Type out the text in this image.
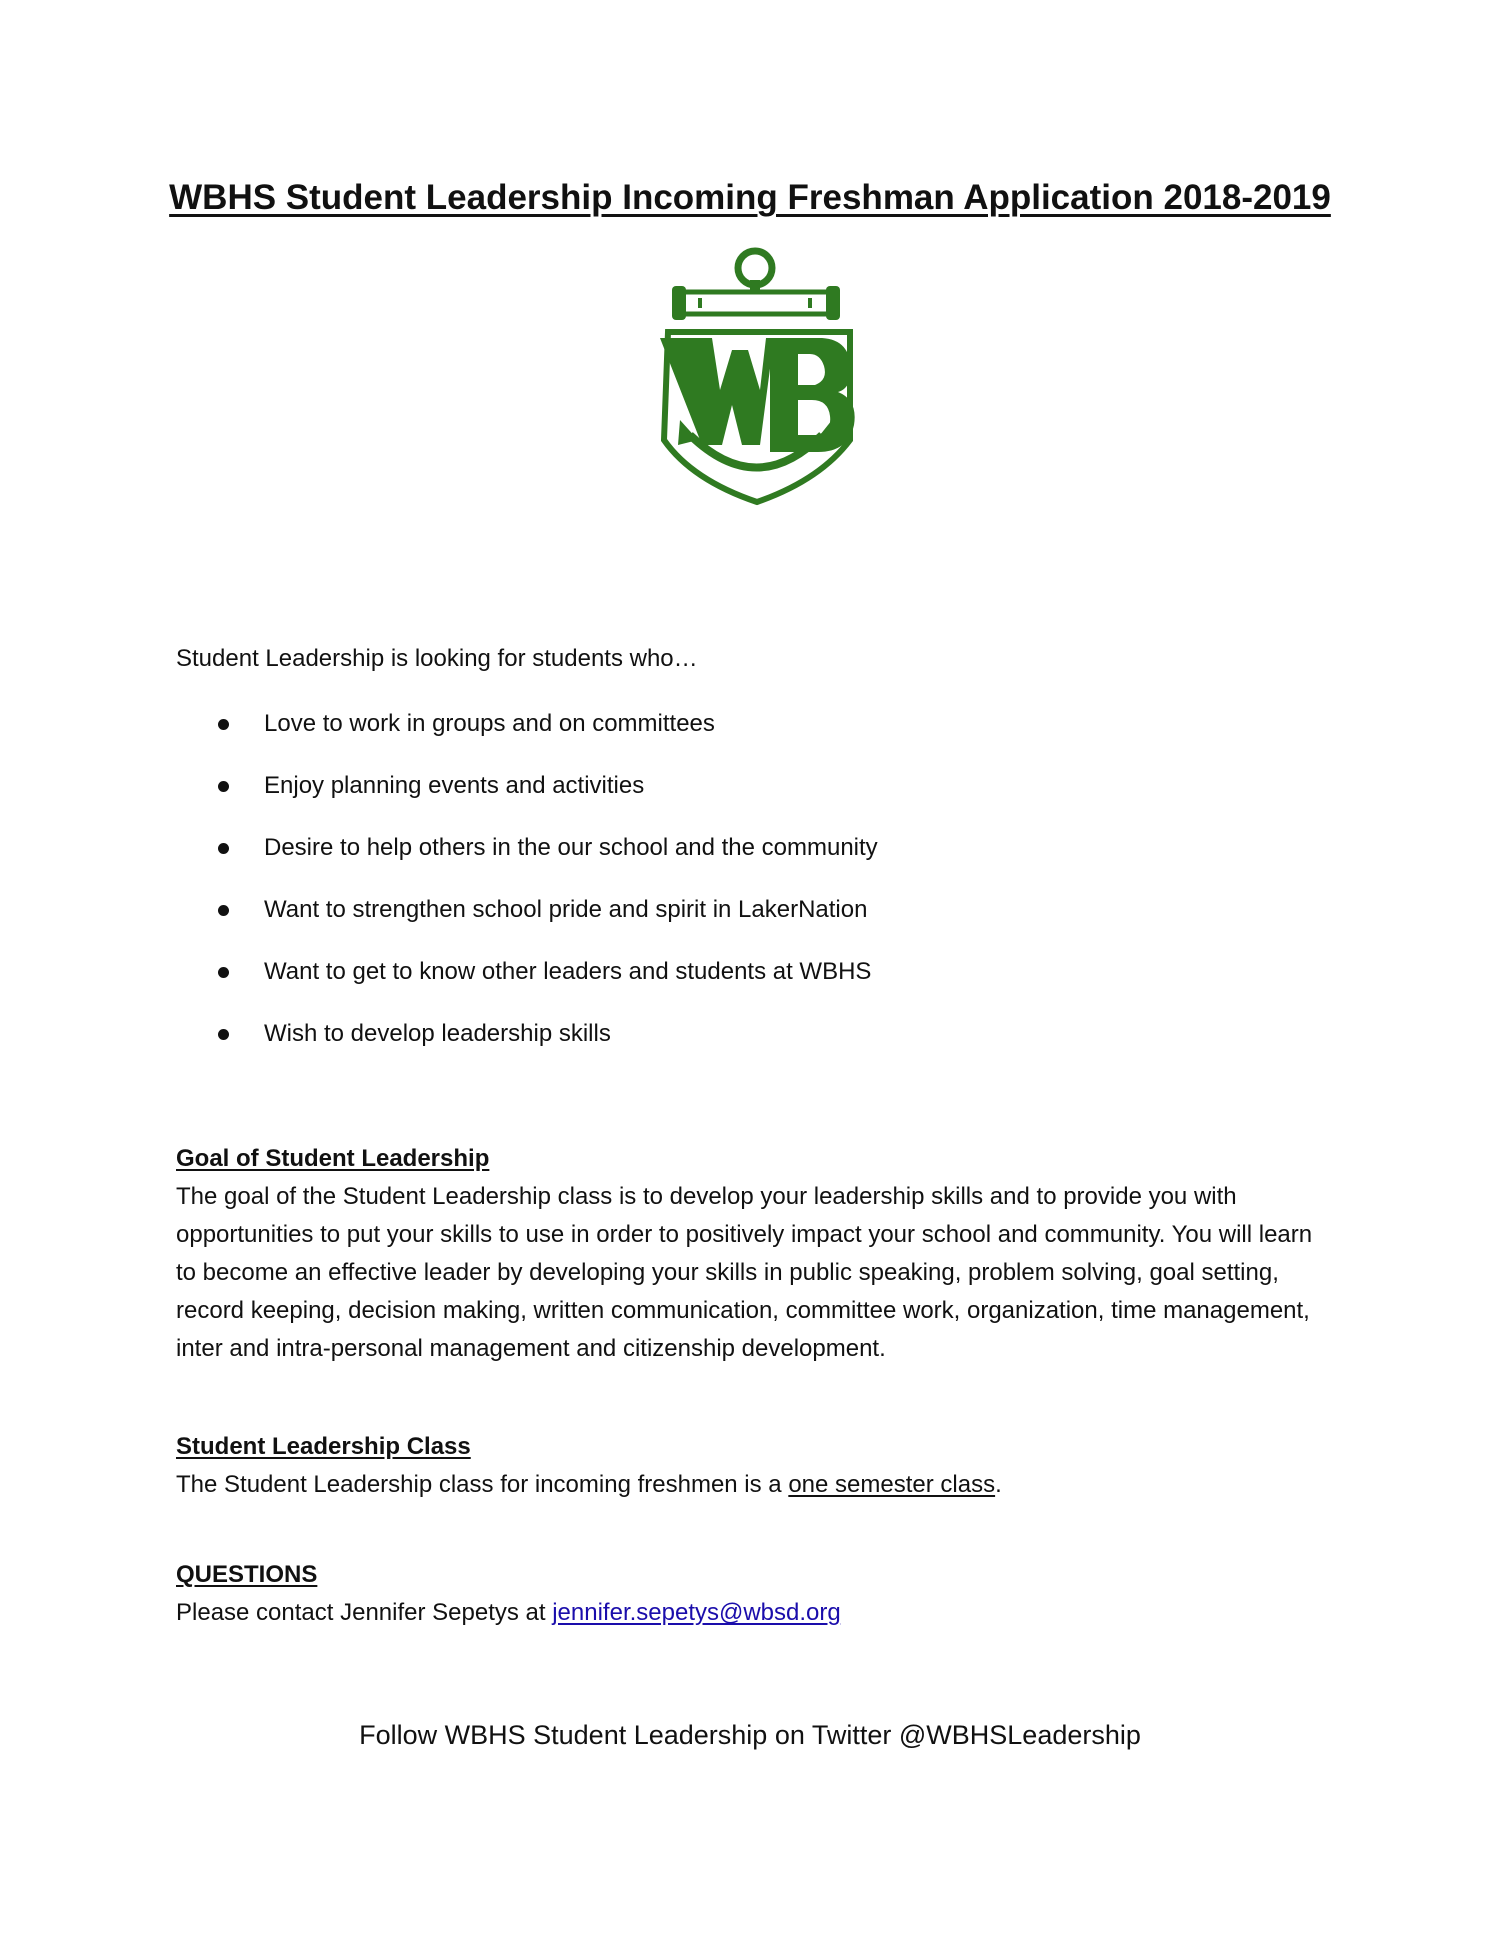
WBHS Student Leadership Incoming Freshman Application 2018-2019
Student Leadership is looking for students who…
Love to work in groups and on committees
Enjoy planning events and activities
Desire to help others in the our school and the community
Want to strengthen school pride and spirit in LakerNation
Want to get to know other leaders and students at WBHS
Wish to develop leadership skills
Goal of Student Leadership
The goal of the Student Leadership class is to develop your leadership skills and to provide you with opportunities to put your skills to use in order to positively impact your school and community. You will learn to become an effective leader by developing your skills in public speaking, problem solving, goal setting, record keeping, decision making, written communication, committee work, organization, time management, inter and intra-personal management and citizenship development.
Student Leadership Class
The Student Leadership class for incoming freshmen is a one semester class.
QUESTIONS
Please contact Jennifer Sepetys at jennifer.sepetys@wbsd.org
Follow WBHS Student Leadership on Twitter @WBHSLeadership
